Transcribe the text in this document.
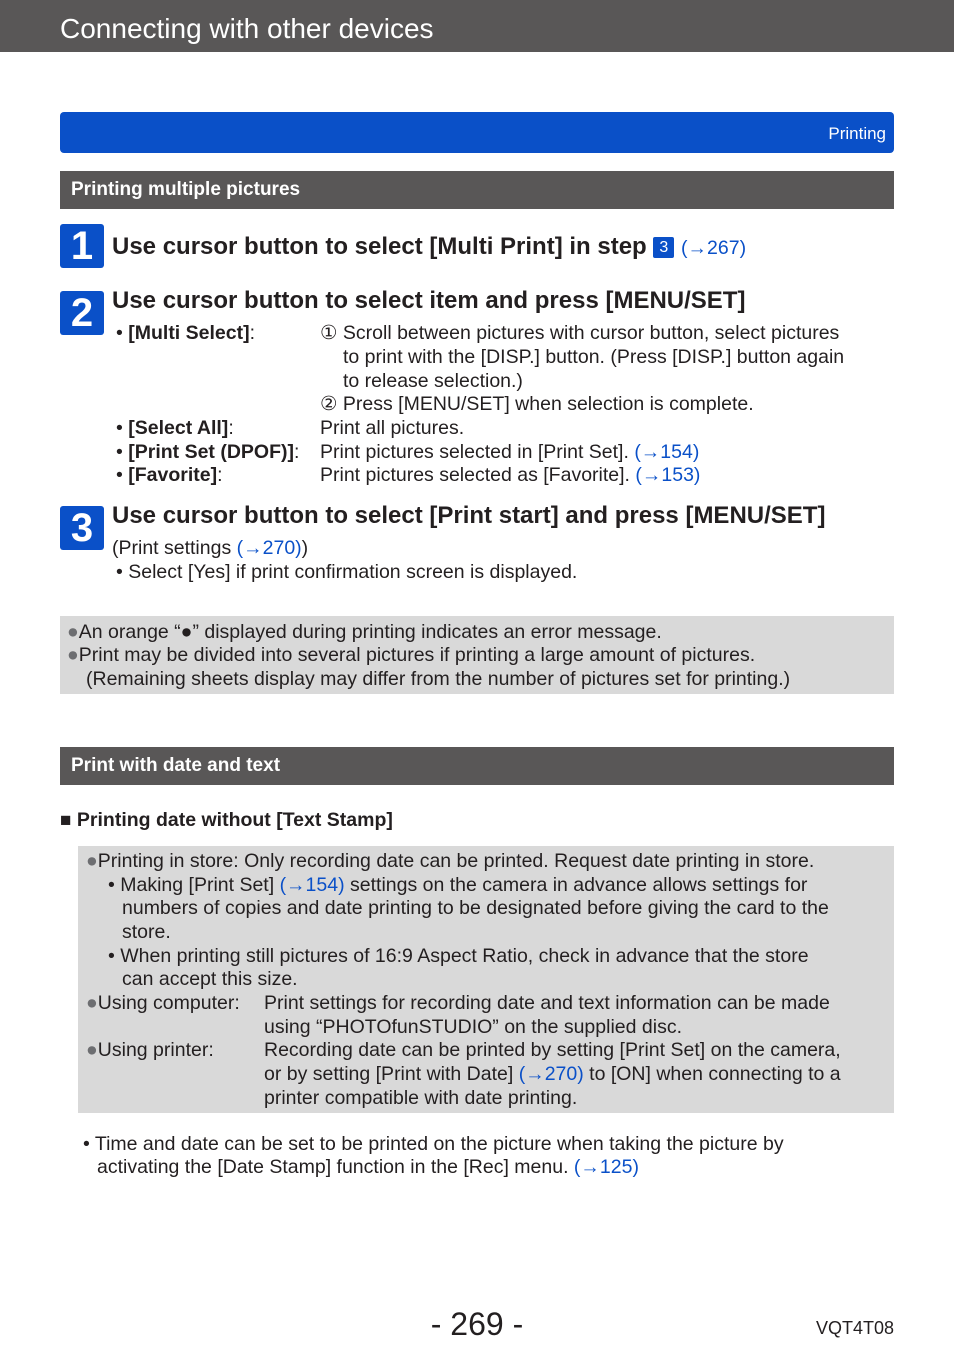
Connecting with other devices
Printing
Printing multiple pictures
1 Use cursor button to select [Multi Print] in step 3 (→267)
2 Use cursor button to select item and press [MENU/SET]
• [Multi Select]:	① Scroll between pictures with cursor button, select pictures
to print with the [DISP.] button. (Press [DISP.] button again
to release selection.)
② Press [MENU/SET] when selection is complete.
• [Select All]:	Print all pictures.
• [Print Set (DPOF)]: Print pictures selected in [Print Set]. (→154)
• [Favorite]:	Print pictures selected as [Favorite]. (→153)
3 Use cursor button to select [Print start] and press [MENU/SET]
(Print settings (→270))
• Select [Yes] if print confirmation screen is displayed.
●An orange “●” displayed during printing indicates an error message.
●Print may be divided into several pictures if printing a large amount of pictures.
(Remaining sheets display may differ from the number of pictures set for printing.)
Print with date and text
■ Printing date without [Text Stamp]
●Printing in store: Only recording date can be printed. Request date printing in store.
• Making [Print Set] (→154) settings on the camera in advance allows settings for
numbers of copies and date printing to be designated before giving the card to the
store.
• When printing still pictures of 16:9 Aspect Ratio, check in advance that the store
can accept this size.
●Using computer: Print settings for recording date and text information can be made
using “PHOTOfunSTUDIO” on the supplied disc.
●Using printer:	Recording date can be printed by setting [Print Set] on the camera,
or by setting [Print with Date] (→270) to [ON] when connecting to a
printer compatible with date printing.
• Time and date can be set to be printed on the picture when taking the picture by
activating the [Date Stamp] function in the [Rec] menu. (→125)
- 269 -	VQT4T08
